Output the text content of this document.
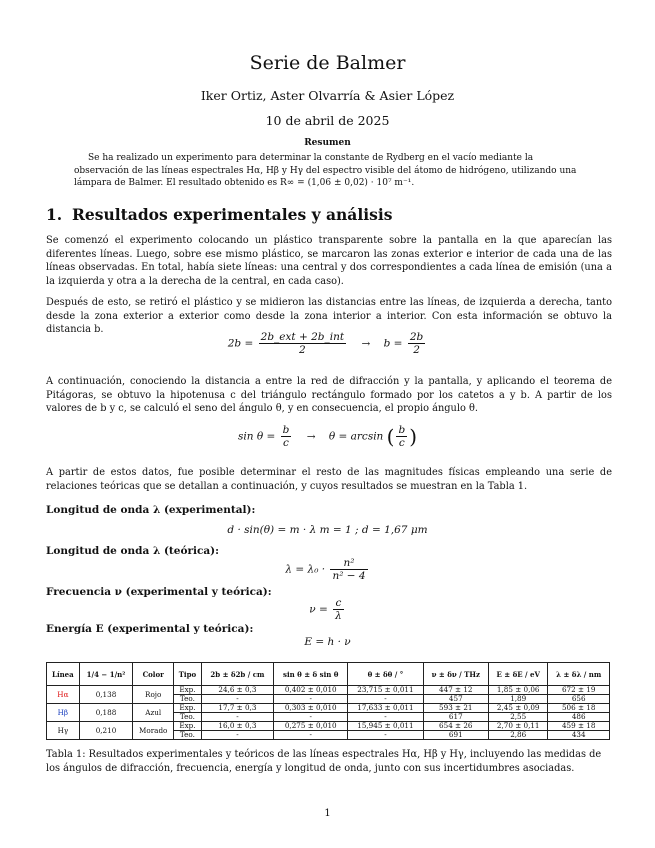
Serie de Balmer
Iker Ortiz, Aster Olvarría & Asier López
10 de abril de 2025
Resumen
Se ha realizado un experimento para determinar la constante de Rydberg en el vacío mediante la observación de las líneas espectrales Hα, Hβ y Hγ del espectro visible del átomo de hidrógeno, utilizando una lámpara de Balmer. El resultado obtenido es R∞ = (1,06 ± 0,02) · 10⁷ m⁻¹.
1. Resultados experimentales y análisis
Se comenzó el experimento colocando un plástico transparente sobre la pantalla en la que aparecían las diferentes líneas. Luego, sobre ese mismo plástico, se marcaron las zonas exterior e interior de cada una de las líneas observadas. En total, había siete líneas: una central y dos correspondientes a cada línea de emisión (una a la izquierda y otra a la derecha de la central, en cada caso).
Después de esto, se retiró el plástico y se midieron las distancias entre las líneas, de izquierda a derecha, tanto desde la zona exterior a exterior como desde la zona interior a interior. Con esta información se obtuvo la distancia b.
$2b = \frac{\text{2b\_ext + 2b\_int}}{2} \to b = \frac{2b}{2}$
A continuación, conociendo la distancia a entre la red de difracción y la pantalla, y aplicando el teorema de Pitágoras, se obtuvo la hipotenusa c del triángulo rectángulo formado por los catetos a y b. A partir de los valores de b y c, se calculó el seno del ángulo θ, y en consecuencia, el propio ángulo θ.
$\sin \theta = \frac{b}{c} \to \theta = \arcsin$ ( $\frac{b}{c}$ )
A partir de estos datos, fue posible determinar el resto de las magnitudes físicas empleando una serie de relaciones teóricas que se detallan a continuación, y cuyos resultados se muestran en la Tabla 1.
Longitud de onda λ (experimental):
d · sin(θ) = m · λ m = 1 ; d = 1,67 μm
Longitud de onda λ (teórica):
$\lambda = \lambda_0 \cdot \frac{\text{n²}}{\text{n² − 4}}$
Frecuencia ν (experimental y teórica):
$\nu = \frac{c}{\lambda}$
Energía E (experimental y teórica):
E = h · ν
Línea	1/4 − 1/n²	Color	Tipo	2b ± δ2b / cm	sin θ ± δ sin θ	θ ± δθ / °	ν ± δν / THz	E ± δE / eV	λ ± δλ / nm
Hα	0,138	Rojo	Exp.	24,6 ± 0,3	0,402 ± 0,010	23,715 ± 0,011	447 ± 12	1,85 ± 0,06	672 ± 19
			Teo.	-	-	-	457	1,89	656
Hβ	0,188	Azul	Exp.	17,7 ± 0,3	0,303 ± 0,010	17,633 ± 0,011	593 ± 21	2,45 ± 0,09	506 ± 18
			Teo.	-	-	-	617	2,55	486
Hγ	0,210	Morado	Exp.	16,0 ± 0,3	0,275 ± 0,010	15,945 ± 0,011	654 ± 26	2,70 ± 0,11	459 ± 18
			Teo.	-	-	-	691	2,86	434
Tabla 1: Resultados experimentales y teóricos de las líneas espectrales Hα, Hβ y Hγ, incluyendo las medidas de los ángulos de difracción, frecuencia, energía y longitud de onda, junto con sus incertidumbres asociadas.
1
